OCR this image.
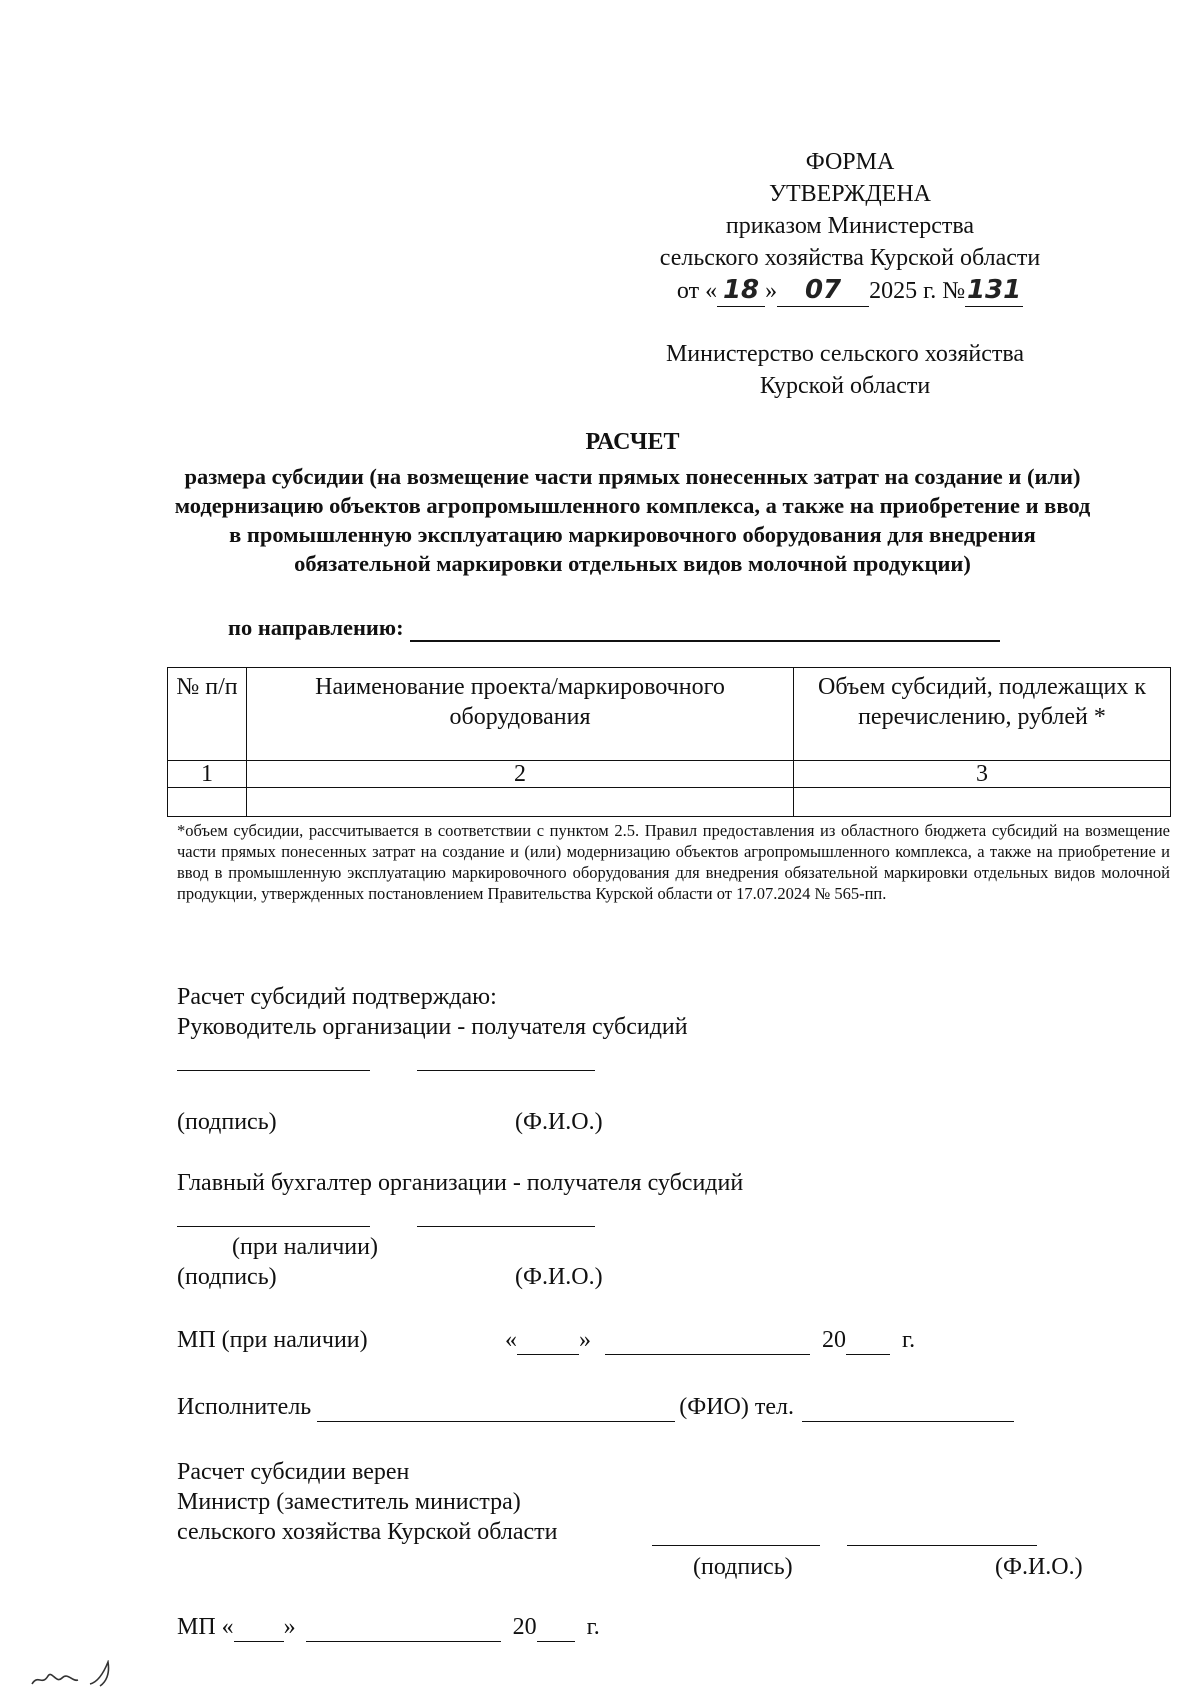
ФОРМА
УТВЕРЖДЕНА
приказом Министерства
сельского хозяйства Курской области
от « 18 » 07 2025 г. №131
Министерство сельского хозяйства
Курской области
РАСЧЕТ
размера субсидии (на возмещение части прямых понесенных затрат на создание и (или) модернизацию объектов агропромышленного комплекса, а также на приобретение и ввод в промышленную эксплуатацию маркировочного оборудования для внедрения обязательной маркировки отдельных видов молочной продукции)
по направлению:
№ п/п	Наименование проекта/маркировочного оборудования	Объем субсидий, подлежащих к перечислению, рублей *
1	2	3

*объем субсидии, рассчитывается в соответствии с пунктом 2.5. Правил предоставления из областного бюджета субсидий на возмещение части прямых понесенных затрат на создание и (или) модернизацию объектов агропромышленного комплекса, а также на приобретение и ввод в промышленную эксплуатацию маркировочного оборудования для внедрения обязательной маркировки отдельных видов молочной продукции, утвержденных постановлением Правительства Курской области от 17.07.2024 № 565-пп.
Расчет субсидий подтверждаю:
Руководитель организации - получателя субсидий
(подпись)	(Ф.И.О.)
Главный бухгалтер организации - получателя субсидий
(при наличии)
(подпись)	(Ф.И.О.)
МП (при наличии)	«	»	20 г.
Исполнитель	(ФИО) тел.
Расчет субсидии верен
Министр (заместитель министра)
сельского хозяйства Курской области
(подпись)	(Ф.И.О.)
МП « »	20 г.
